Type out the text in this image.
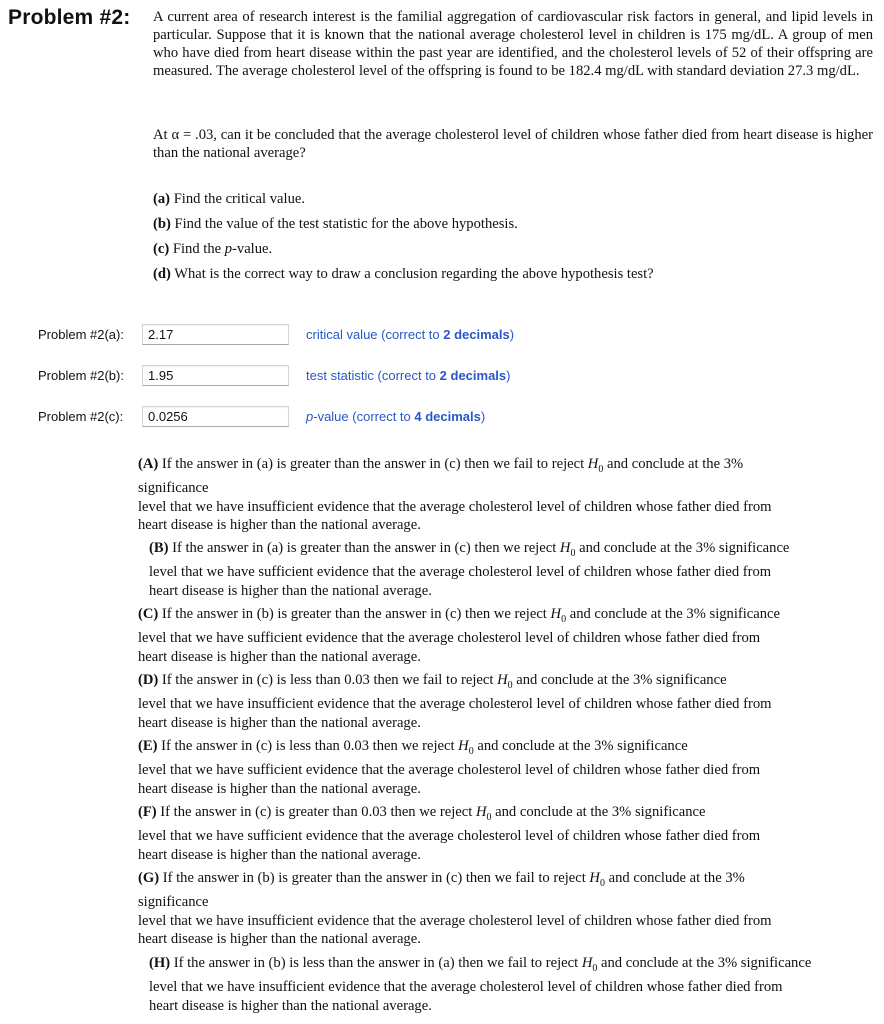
Problem #2: A current area of research interest is the familial aggregation of cardiovascular risk factors in general, and lipid levels in particular. Suppose that it is known that the national average cholesterol level in children is 175 mg/dL. A group of men who have died from heart disease within the past year are identified, and the cholesterol levels of 52 of their offspring are measured. The average cholesterol level of the offspring is found to be 182.4 mg/dL with standard deviation 27.3 mg/dL.
At α = .03, can it be concluded that the average cholesterol level of children whose father died from heart disease is higher than the national average?
(a) Find the critical value.
(b) Find the value of the test statistic for the above hypothesis.
(c) Find the p-value.
(d) What is the correct way to draw a conclusion regarding the above hypothesis test?
Problem #2(a):
2.17	critical value (correct to 2 decimals)
Problem #2(b):
1.95	test statistic (correct to 2 decimals)
Problem #2(c):
0.0256	p-value (correct to 4 decimals)
(A) If the answer in (a) is greater than the answer in (c) then we fail to reject $H_0$ and conclude at the 3%
significance
level that we have insufficient evidence that the average cholesterol level of children whose father died from
heart disease is higher than the national average.
(B) If the answer in (a) is greater than the answer in (c) then we reject $H_0$ and conclude at the 3% significance
level that we have sufficient evidence that the average cholesterol level of children whose father died from
heart disease is higher than the national average.
(C) If the answer in (b) is greater than the answer in (c) then we reject $H_0$ and conclude at the 3% significance
level that we have sufficient evidence that the average cholesterol level of children whose father died from
heart disease is higher than the national average.
(D) If the answer in (c) is less than 0.03 then we fail to reject $H_0$ and conclude at the 3% significance
level that we have insufficient evidence that the average cholesterol level of children whose father died from
heart disease is higher than the national average.
(E) If the answer in (c) is less than 0.03 then we reject $H_0$ and conclude at the 3% significance
level that we have sufficient evidence that the average cholesterol level of children whose father died from
heart disease is higher than the national average.
(F) If the answer in (c) is greater than 0.03 then we reject $H_0$ and conclude at the 3% significance
level that we have sufficient evidence that the average cholesterol level of children whose father died from
heart disease is higher than the national average.
(G) If the answer in (b) is greater than the answer in (c) then we fail to reject $H_0$ and conclude at the 3%
significance
level that we have insufficient evidence that the average cholesterol level of children whose father died from
heart disease is higher than the national average.
(H) If the answer in (b) is less than the answer in (a) then we fail to reject $H_0$ and conclude at the 3% significance
level that we have insufficient evidence that the average cholesterol level of children whose father died from
heart disease is higher than the national average.
